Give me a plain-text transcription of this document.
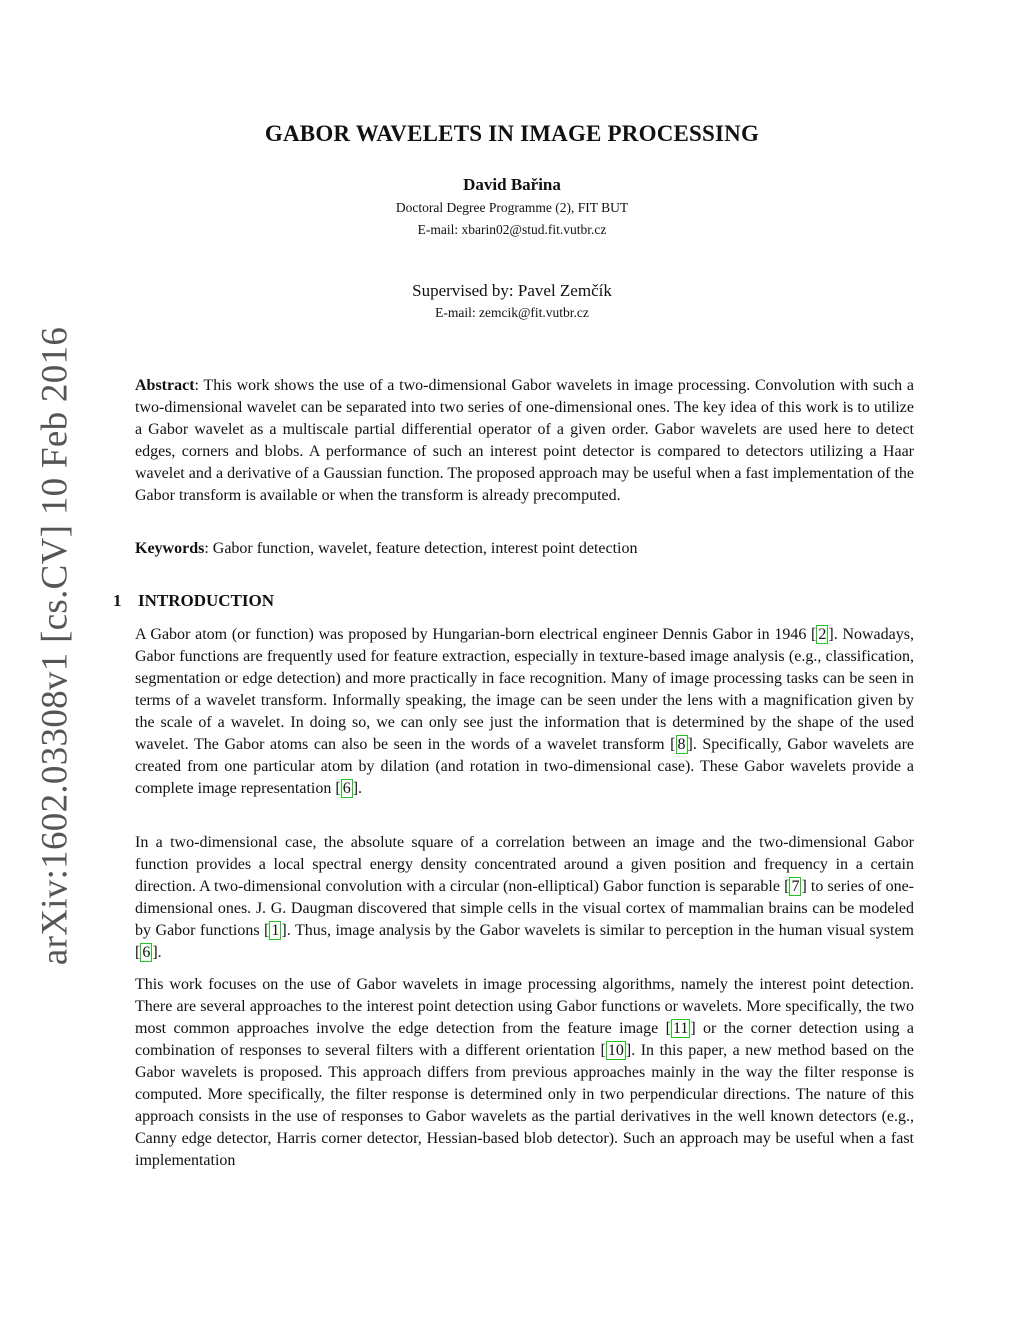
arXiv:1602.03308v1 [cs.CV] 10 Feb 2016
GABOR WAVELETS IN IMAGE PROCESSING
David Bařina
Doctoral Degree Programme (2), FIT BUT
E-mail: xbarin02@stud.fit.vutbr.cz
Supervised by: Pavel Zemčík
E-mail: zemcik@fit.vutbr.cz

Abstract: This work shows the use of a two-dimensional Gabor wavelets in image processing. Convolution with such a two-dimensional wavelet can be separated into two series of one-dimensional ones. The key idea of this work is to utilize a Gabor wavelet as a multiscale partial differential operator of a given order. Gabor wavelets are used here to detect edges, corners and blobs. A performance of such an interest point detector is compared to detectors utilizing a Haar wavelet and a derivative of a Gaussian function. The proposed approach may be useful when a fast implementation of the Gabor transform is available or when the transform is already precomputed.

Keywords: Gabor function, wavelet, feature detection, interest point detection

1 INTRODUCTION

A Gabor atom (or function) was proposed by Hungarian-born electrical engineer Dennis Gabor in 1946 [ 2 ]. Nowadays, Gabor functions are frequently used for feature extraction, especially in texture-based image analysis (e.g., classification, segmentation or edge detection) and more practically in face recognition. Many of image processing tasks can be seen in terms of a wavelet transform. Informally speaking, the image can be seen under the lens with a magnification given by the scale of a wavelet. In doing so, we can only see just the information that is determined by the shape of the used wavelet. The Gabor atoms can also be seen in the words of a wavelet transform [ 8 ]. Specifically, Gabor wavelets are created from one particular atom by dilation (and rotation in two-dimensional case). These Gabor wavelets provide a complete image representation [ 6 ].

In a two-dimensional case, the absolute square of a correlation between an image and the two-dimensional Gabor function provides a local spectral energy density concentrated around a given position and frequency in a certain direction. A two-dimensional convolution with a circular (non-elliptical) Gabor function is separable [ 7 ] to series of one-dimensional ones. J. G. Daugman discovered that simple cells in the visual cortex of mammalian brains can be modeled by Gabor functions [ 1 ]. Thus, image analysis by the Gabor wavelets is similar to perception in the human visual system [ 6 ].

This work focuses on the use of Gabor wavelets in image processing algorithms, namely the interest point detection. There are several approaches to the interest point detection using Gabor functions or wavelets. More specifically, the two most common approaches involve the edge detection from the feature image [ 11 ] or the corner detection using a combination of responses to several filters with a different orientation [ 10 ]. In this paper, a new method based on the Gabor wavelets is proposed. This approach differs from previous approaches mainly in the way the filter response is computed. More specifically, the filter response is determined only in two perpendicular directions. The nature of this approach consists in the use of responses to Gabor wavelets as the partial derivatives in the well known detectors (e.g., Canny edge detector, Harris corner detector, Hessian-based blob detector). Such an approach may be useful when a fast implementation
